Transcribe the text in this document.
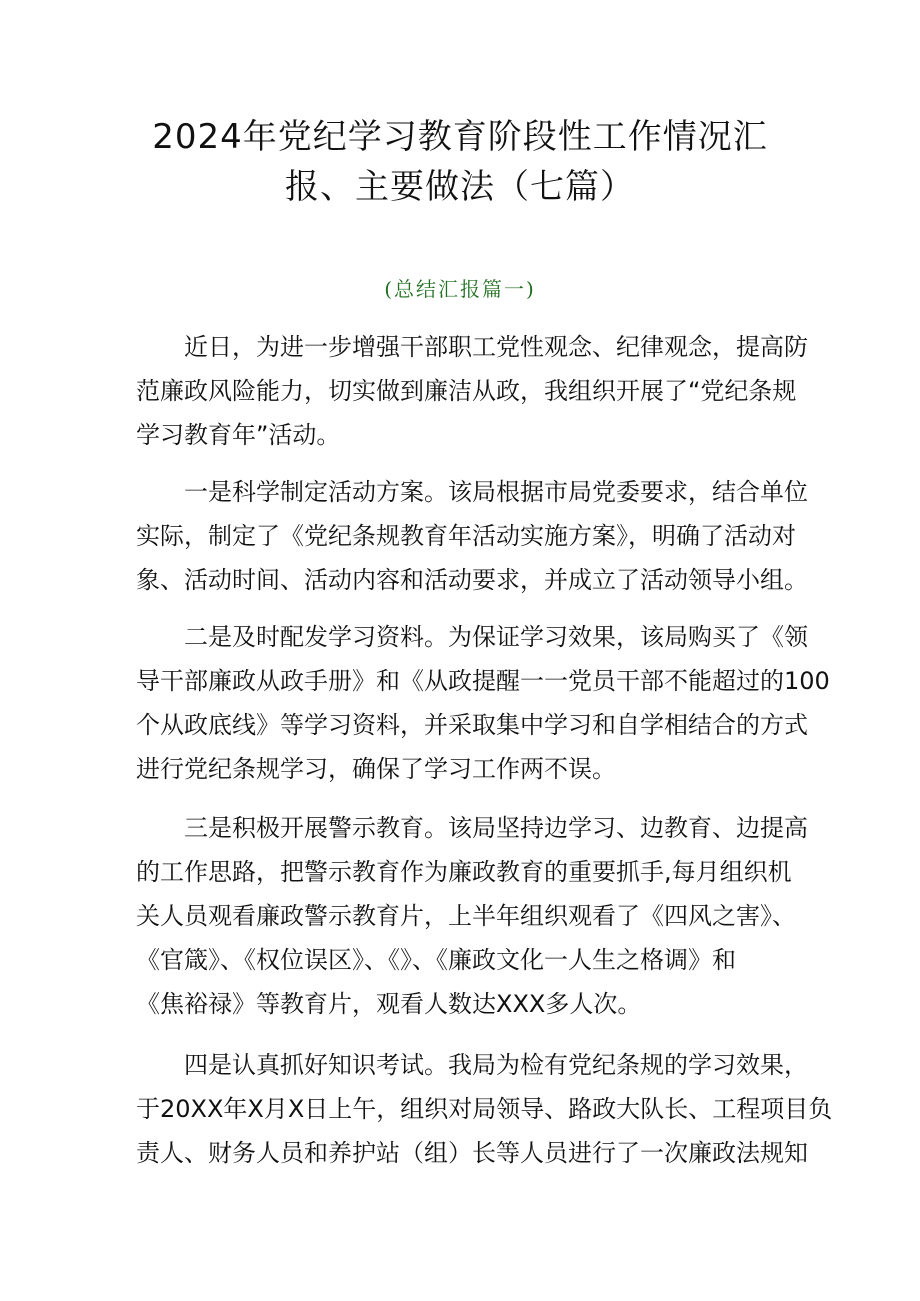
2024年党纪学习教育阶段性工作情况汇
报、主要做法（七篇）
(总结汇报篇一)
近日，为进一步增强干部职工党性观念、纪律观念，提高防
范廉政风险能力，切实做到廉洁从政，我组织开展了“党纪条规
学习教育年”活动。
一是科学制定活动方案。该局根据市局党委要求，结合单位
实际，制定了《党纪条规教育年活动实施方案》，明确了活动对
象、活动时间、活动内容和活动要求，并成立了活动领导小组。
二是及时配发学习资料。为保证学习效果，该局购买了《领
导干部廉政从政手册》和《从政提醒一一党员干部不能超过的100
个从政底线》等学习资料，并采取集中学习和自学相结合的方式
进行党纪条规学习，确保了学习工作两不误。
三是积极开展警示教育。该局坚持边学习、边教育、边提高
的工作思路，把警示教育作为廉政教育的重要抓手,每月组织机
关人员观看廉政警示教育片，上半年组织观看了《四风之害》、
《官箴》、《权位误区》、《》、《廉政文化一人生之格调》和
《焦裕禄》等教育片，观看人数达XXX多人次。
四是认真抓好知识考试。我局为检有党纪条规的学习效果，
于20XX年X月X日上午，组织对局领导、路政大队长、工程项目负
责人、财务人员和养护站（组）长等人员进行了一次廉政法规知
